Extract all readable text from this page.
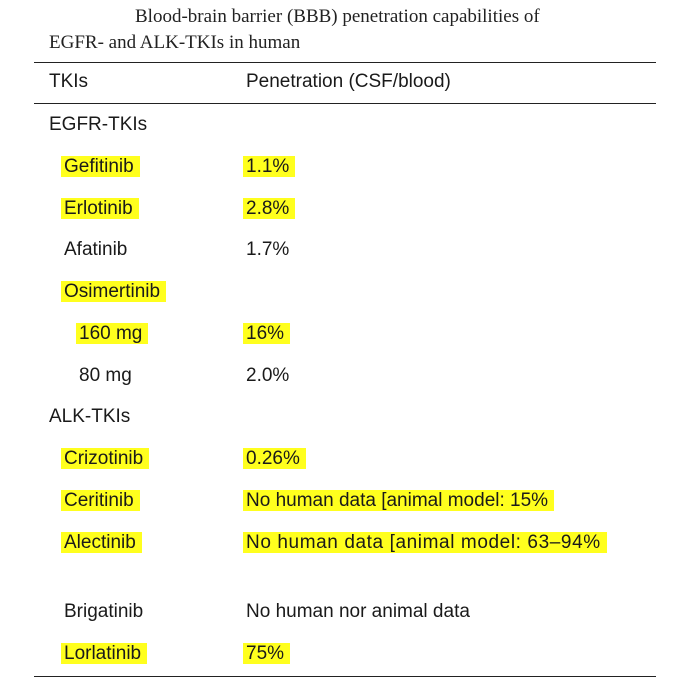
Blood-brain barrier (BBB) penetration capabilities of
EGFR- and ALK-TKIs in human
TKIs	Penetration (CSF/blood)
EGFR-TKIs
Gefitinib	1.1%
Erlotinib	2.8%
Afatinib	1.7%
Osimertinib
160 mg	16%
80 mg	2.0%
ALK-TKIs
Crizotinib	0.26%
Ceritinib	No human data [animal model: 15%
Alectinib	No human data [animal model: 63–94%
Brigatinib	No human nor animal data
Lorlatinib	75%
